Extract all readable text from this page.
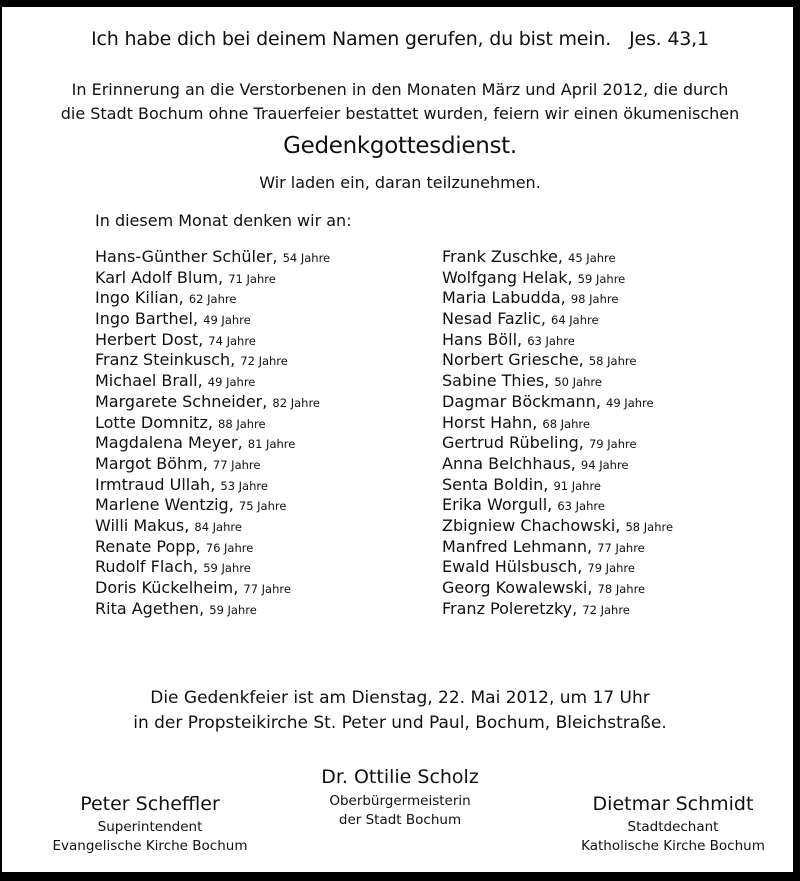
Ich habe dich bei deinem Namen gerufen, du bist mein. Jes. 43,1
In Erinnerung an die Verstorbenen in den Monaten März und April 2012, die durch
die Stadt Bochum ohne Trauerfeier bestattet wurden, feiern wir einen ökumenischen
Gedenkgottesdienst.
Wir laden ein, daran teilzunehmen.
In diesem Monat denken wir an:
Hans-Günther Schüler, 54 Jahre
Karl Adolf Blum, 71 Jahre
Ingo Kilian, 62 Jahre
Ingo Barthel, 49 Jahre
Herbert Dost, 74 Jahre
Franz Steinkusch, 72 Jahre
Michael Brall, 49 Jahre
Margarete Schneider, 82 Jahre
Lotte Domnitz, 88 Jahre
Magdalena Meyer, 81 Jahre
Margot Böhm, 77 Jahre
Irmtraud Ullah, 53 Jahre
Marlene Wentzig, 75 Jahre
Willi Makus, 84 Jahre
Renate Popp, 76 Jahre
Rudolf Flach, 59 Jahre
Doris Kückelheim, 77 Jahre
Rita Agethen, 59 Jahre
Frank Zuschke, 45 Jahre
Wolfgang Helak, 59 Jahre
Maria Labudda, 98 Jahre
Nesad Fazlic, 64 Jahre
Hans Böll, 63 Jahre
Norbert Griesche, 58 Jahre
Sabine Thies, 50 Jahre
Dagmar Böckmann, 49 Jahre
Horst Hahn, 68 Jahre
Gertrud Rübeling, 79 Jahre
Anna Belchhaus, 94 Jahre
Senta Boldin, 91 Jahre
Erika Worgull, 63 Jahre
Zbigniew Chachowski, 58 Jahre
Manfred Lehmann, 77 Jahre
Ewald Hülsbusch, 79 Jahre
Georg Kowalewski, 78 Jahre
Franz Poleretzky, 72 Jahre
Die Gedenkfeier ist am Dienstag, 22. Mai 2012, um 17 Uhr
in der Propsteikirche St. Peter und Paul, Bochum, Bleichstraße.
Dr. Ottilie Scholz
Oberbürgermeisterin
der Stadt Bochum
Peter Scheffler
Superintendent
Evangelische Kirche Bochum
Dietmar Schmidt
Stadtdechant
Katholische Kirche Bochum
